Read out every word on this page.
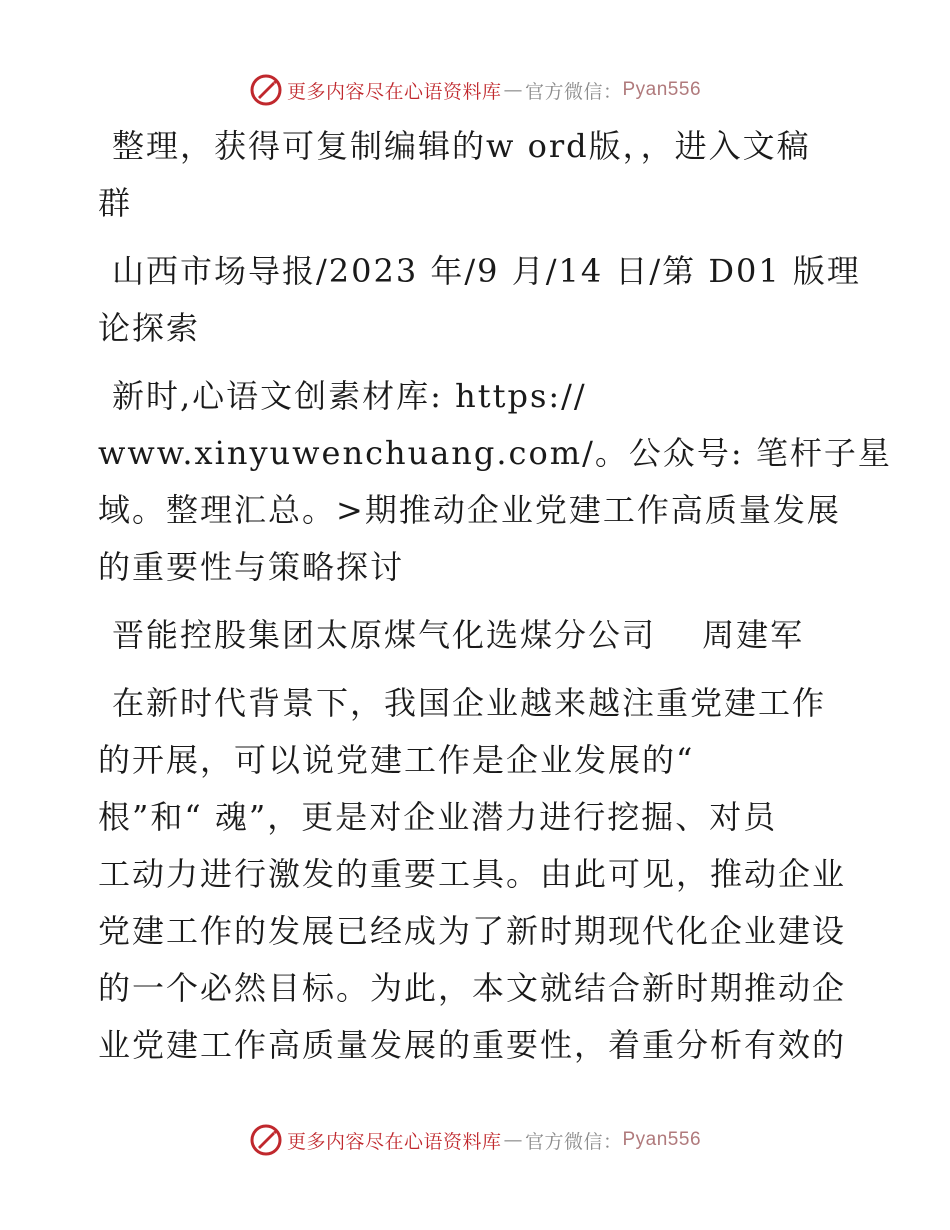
更多内容尽在心语资料库 — 官方微信： Pyan556
整理，获得可复制编辑的w ord版，，进入文稿
群
山西市场导报/2023 年/9 月/14 日/第 D01 版理
论探索
新时,心语文创素材库: https://
www.xinyuwenchuang.com/。公众号: 笔杆子星
域。整理汇总。>期推动企业党建工作高质量发展
的重要性与策略探讨
晋能控股集团太原煤气化选煤分公司　 周建军
在新时代背景下，我国企业越来越注重党建工作
的开展，可以说党建工作是企业发展的“
根”和“ 魂”，更是对企业潜力进行挖掘、对员
工动力进行激发的重要工具。由此可见，推动企业
党建工作的发展已经成为了新时期现代化企业建设
的一个必然目标。为此，本文就结合新时期推动企
业党建工作高质量发展的重要性，着重分析有效的
更多内容尽在心语资料库 — 官方微信： Pyan556
